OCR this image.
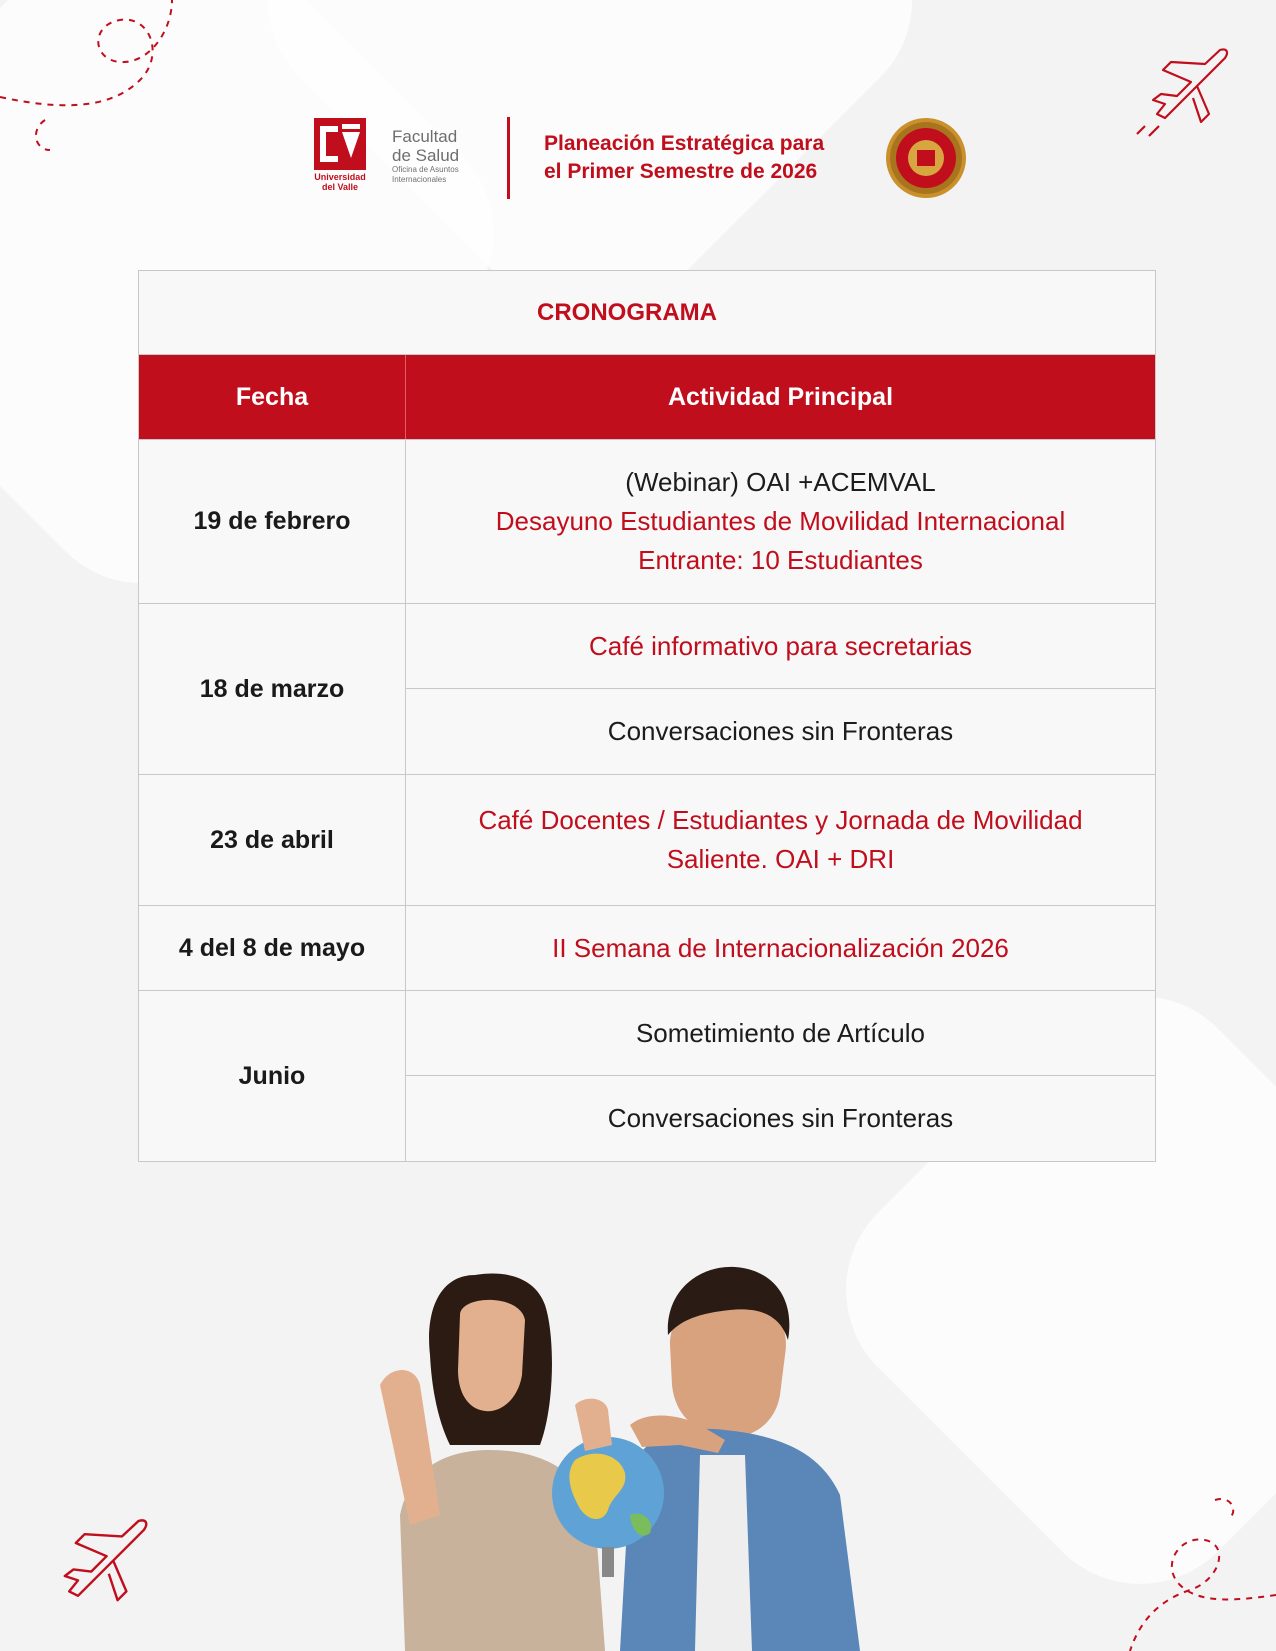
Universidad del Valle
Facultad
de Salud
Oficina de Asuntos
Internacionales
Planeación Estratégica para
el Primer Semestre de 2026
CRONOGRAMA
Fecha	Actividad Principal
19 de febrero
(Webinar) OAI +ACEMVAL
Desayuno Estudiantes de Movilidad Internacional
Entrante: 10 Estudiantes
18 de marzo
Café informativo para secretarias
Conversaciones sin Fronteras
23 de abril
Café Docentes / Estudiantes y Jornada de Movilidad
Saliente. OAI + DRI
4 del 8 de mayo	II Semana de Internacionalización 2026
Junio
Sometimiento de Artículo
Conversaciones sin Fronteras
